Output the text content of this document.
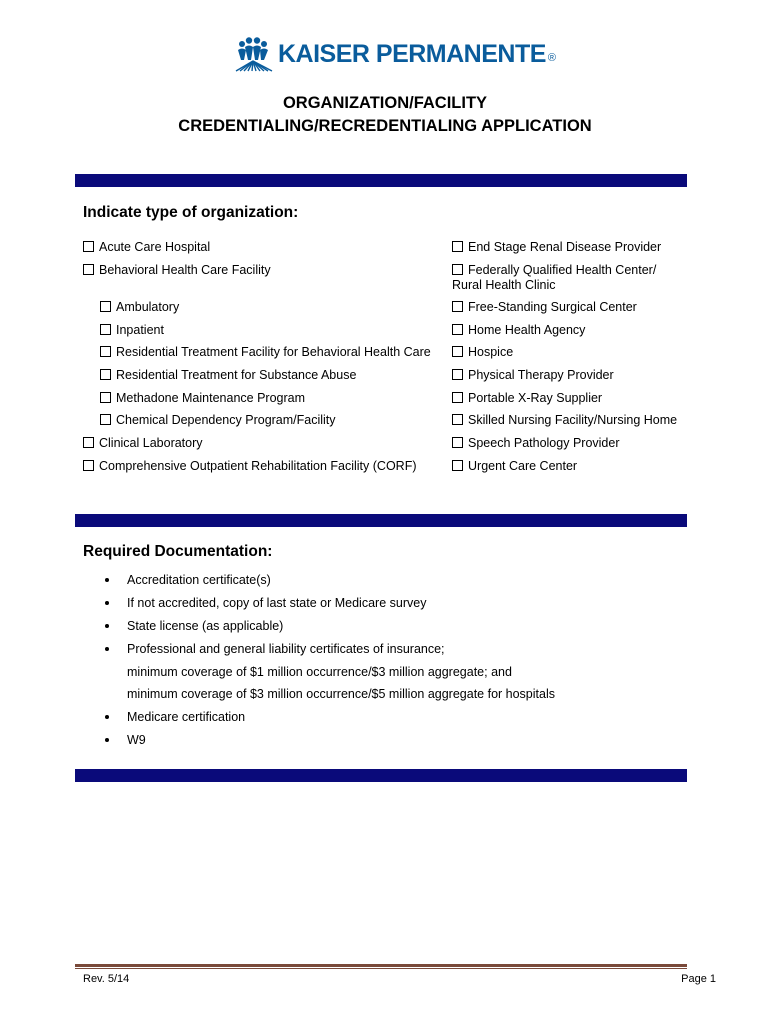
KAISER PERMANENTE ®
ORGANIZATION/FACILITY
CREDENTIALING/RECREDENTIALING APPLICATION
Indicate type of organization:
Acute Care Hospital
Behavioral Health Care Facility
Ambulatory
Inpatient
Residential Treatment Facility for Behavioral Health Care
Residential Treatment for Substance Abuse
Methadone Maintenance Program
Chemical Dependency Program/Facility
Clinical Laboratory
Comprehensive Outpatient Rehabilitation Facility (CORF)
End Stage Renal Disease Provider
Federally Qualified Health Center/
Rural Health Clinic
Free-Standing Surgical Center
Home Health Agency
Hospice
Physical Therapy Provider
Portable X-Ray Supplier
Skilled Nursing Facility/Nursing Home
Speech Pathology Provider
Urgent Care Center
Required Documentation:
Accreditation certificate(s)
If not accredited, copy of last state or Medicare survey
State license (as applicable)
Professional and general liability certificates of insurance;
minimum coverage of $1 million occurrence/$3 million aggregate; and
minimum coverage of $3 million occurrence/$5 million aggregate for hospitals
Medicare certification
W9
Rev. 5/14	Page 1
